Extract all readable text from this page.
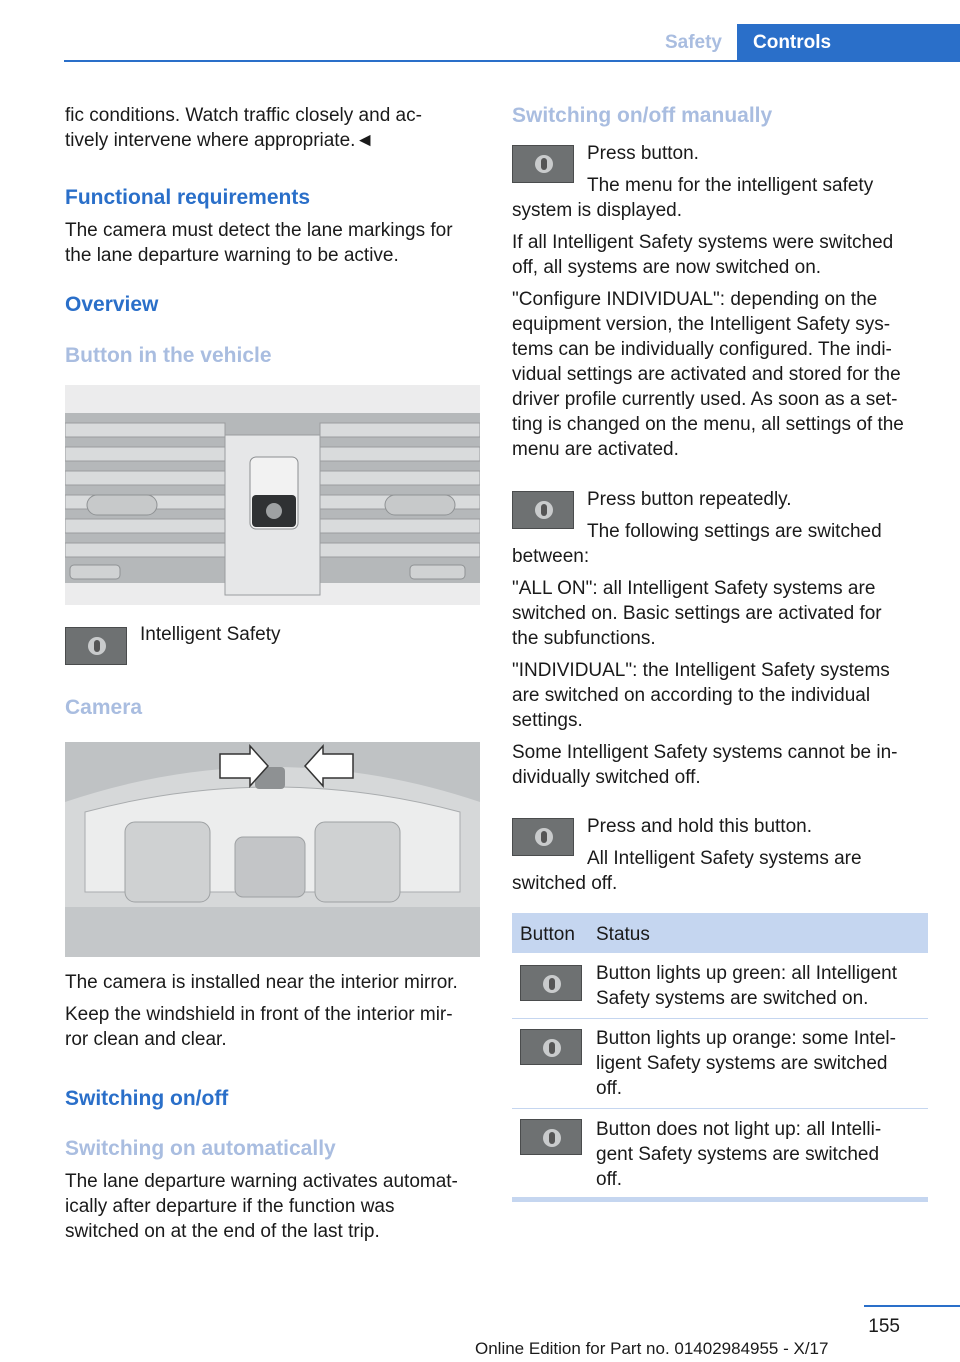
Safety	Controls
fic conditions. Watch traffic closely and ac-
tively intervene where appropriate.◄
Functional requirements
The camera must detect the lane markings for
the lane departure warning to be active.
Overview
Button in the vehicle
Intelligent Safety
Camera
The camera is installed near the interior mirror.
Keep the windshield in front of the interior mir-
ror clean and clear.
Switching on/off
Switching on automatically
The lane departure warning activates automat-
ically after departure if the function was
switched on at the end of the last trip.
Switching on/off manually
Press button.
The menu for the intelligent safety
system is displayed.
If all Intelligent Safety systems were switched
off, all systems are now switched on.
"Configure INDIVIDUAL": depending on the
equipment version, the Intelligent Safety sys-
tems can be individually configured. The indi-
vidual settings are activated and stored for the
driver profile currently used. As soon as a set-
ting is changed on the menu, all settings of the
menu are activated.
Press button repeatedly.
The following settings are switched
between:
"ALL ON": all Intelligent Safety systems are
switched on. Basic settings are activated for
the subfunctions.
"INDIVIDUAL": the Intelligent Safety systems
are switched on according to the individual
settings.
Some Intelligent Safety systems cannot be in-
dividually switched off.
Press and hold this button.
All Intelligent Safety systems are
switched off.
Button Status
Button lights up green: all Intelligent
Safety systems are switched on.
Button lights up orange: some Intel-
ligent Safety systems are switched
off.
Button does not light up: all Intelli-
gent Safety systems are switched
off.
155
Online Edition for Part no. 01402984955 - X/17
